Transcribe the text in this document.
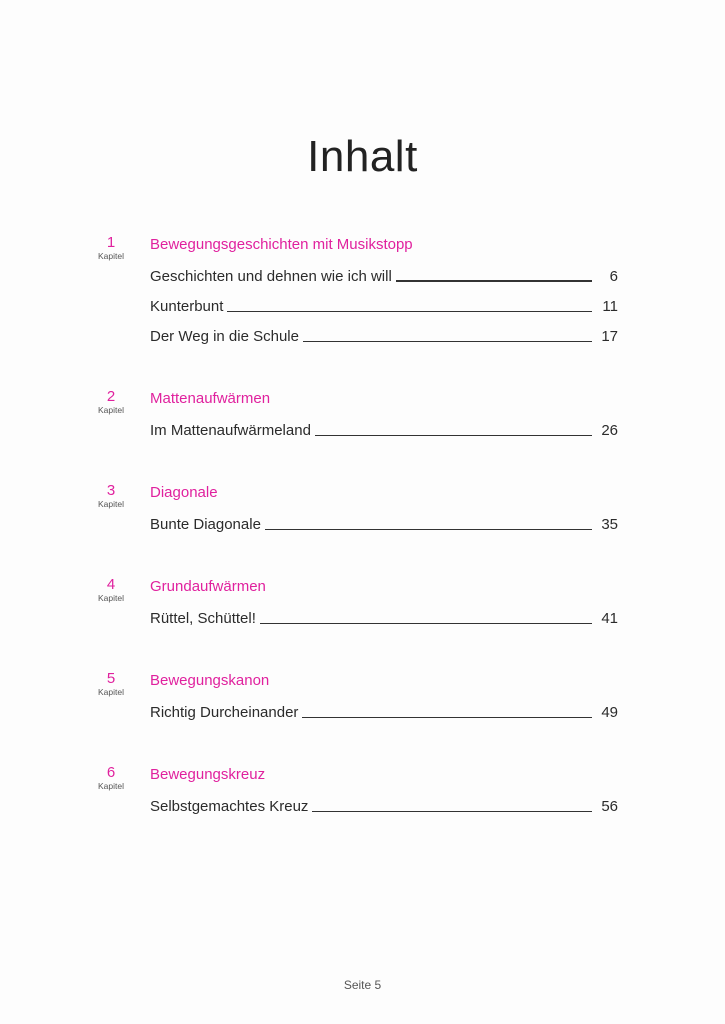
Inhalt
1
Kapitel
Bewegungsgeschichten mit Musikstopp
Geschichten und dehnen wie ich will	6
Kunterbunt	11
Der Weg in die Schule	17
2
Kapitel
Mattenaufwärmen
Im Mattenaufwärmeland	26
3
Kapitel
Diagonale
Bunte Diagonale	35
4
Kapitel
Grundaufwärmen
Rüttel, Schüttel!	41
5
Kapitel
Bewegungskanon
Richtig Durcheinander	49
6
Kapitel
Bewegungskreuz
Selbstgemachtes Kreuz	56
Seite 5
